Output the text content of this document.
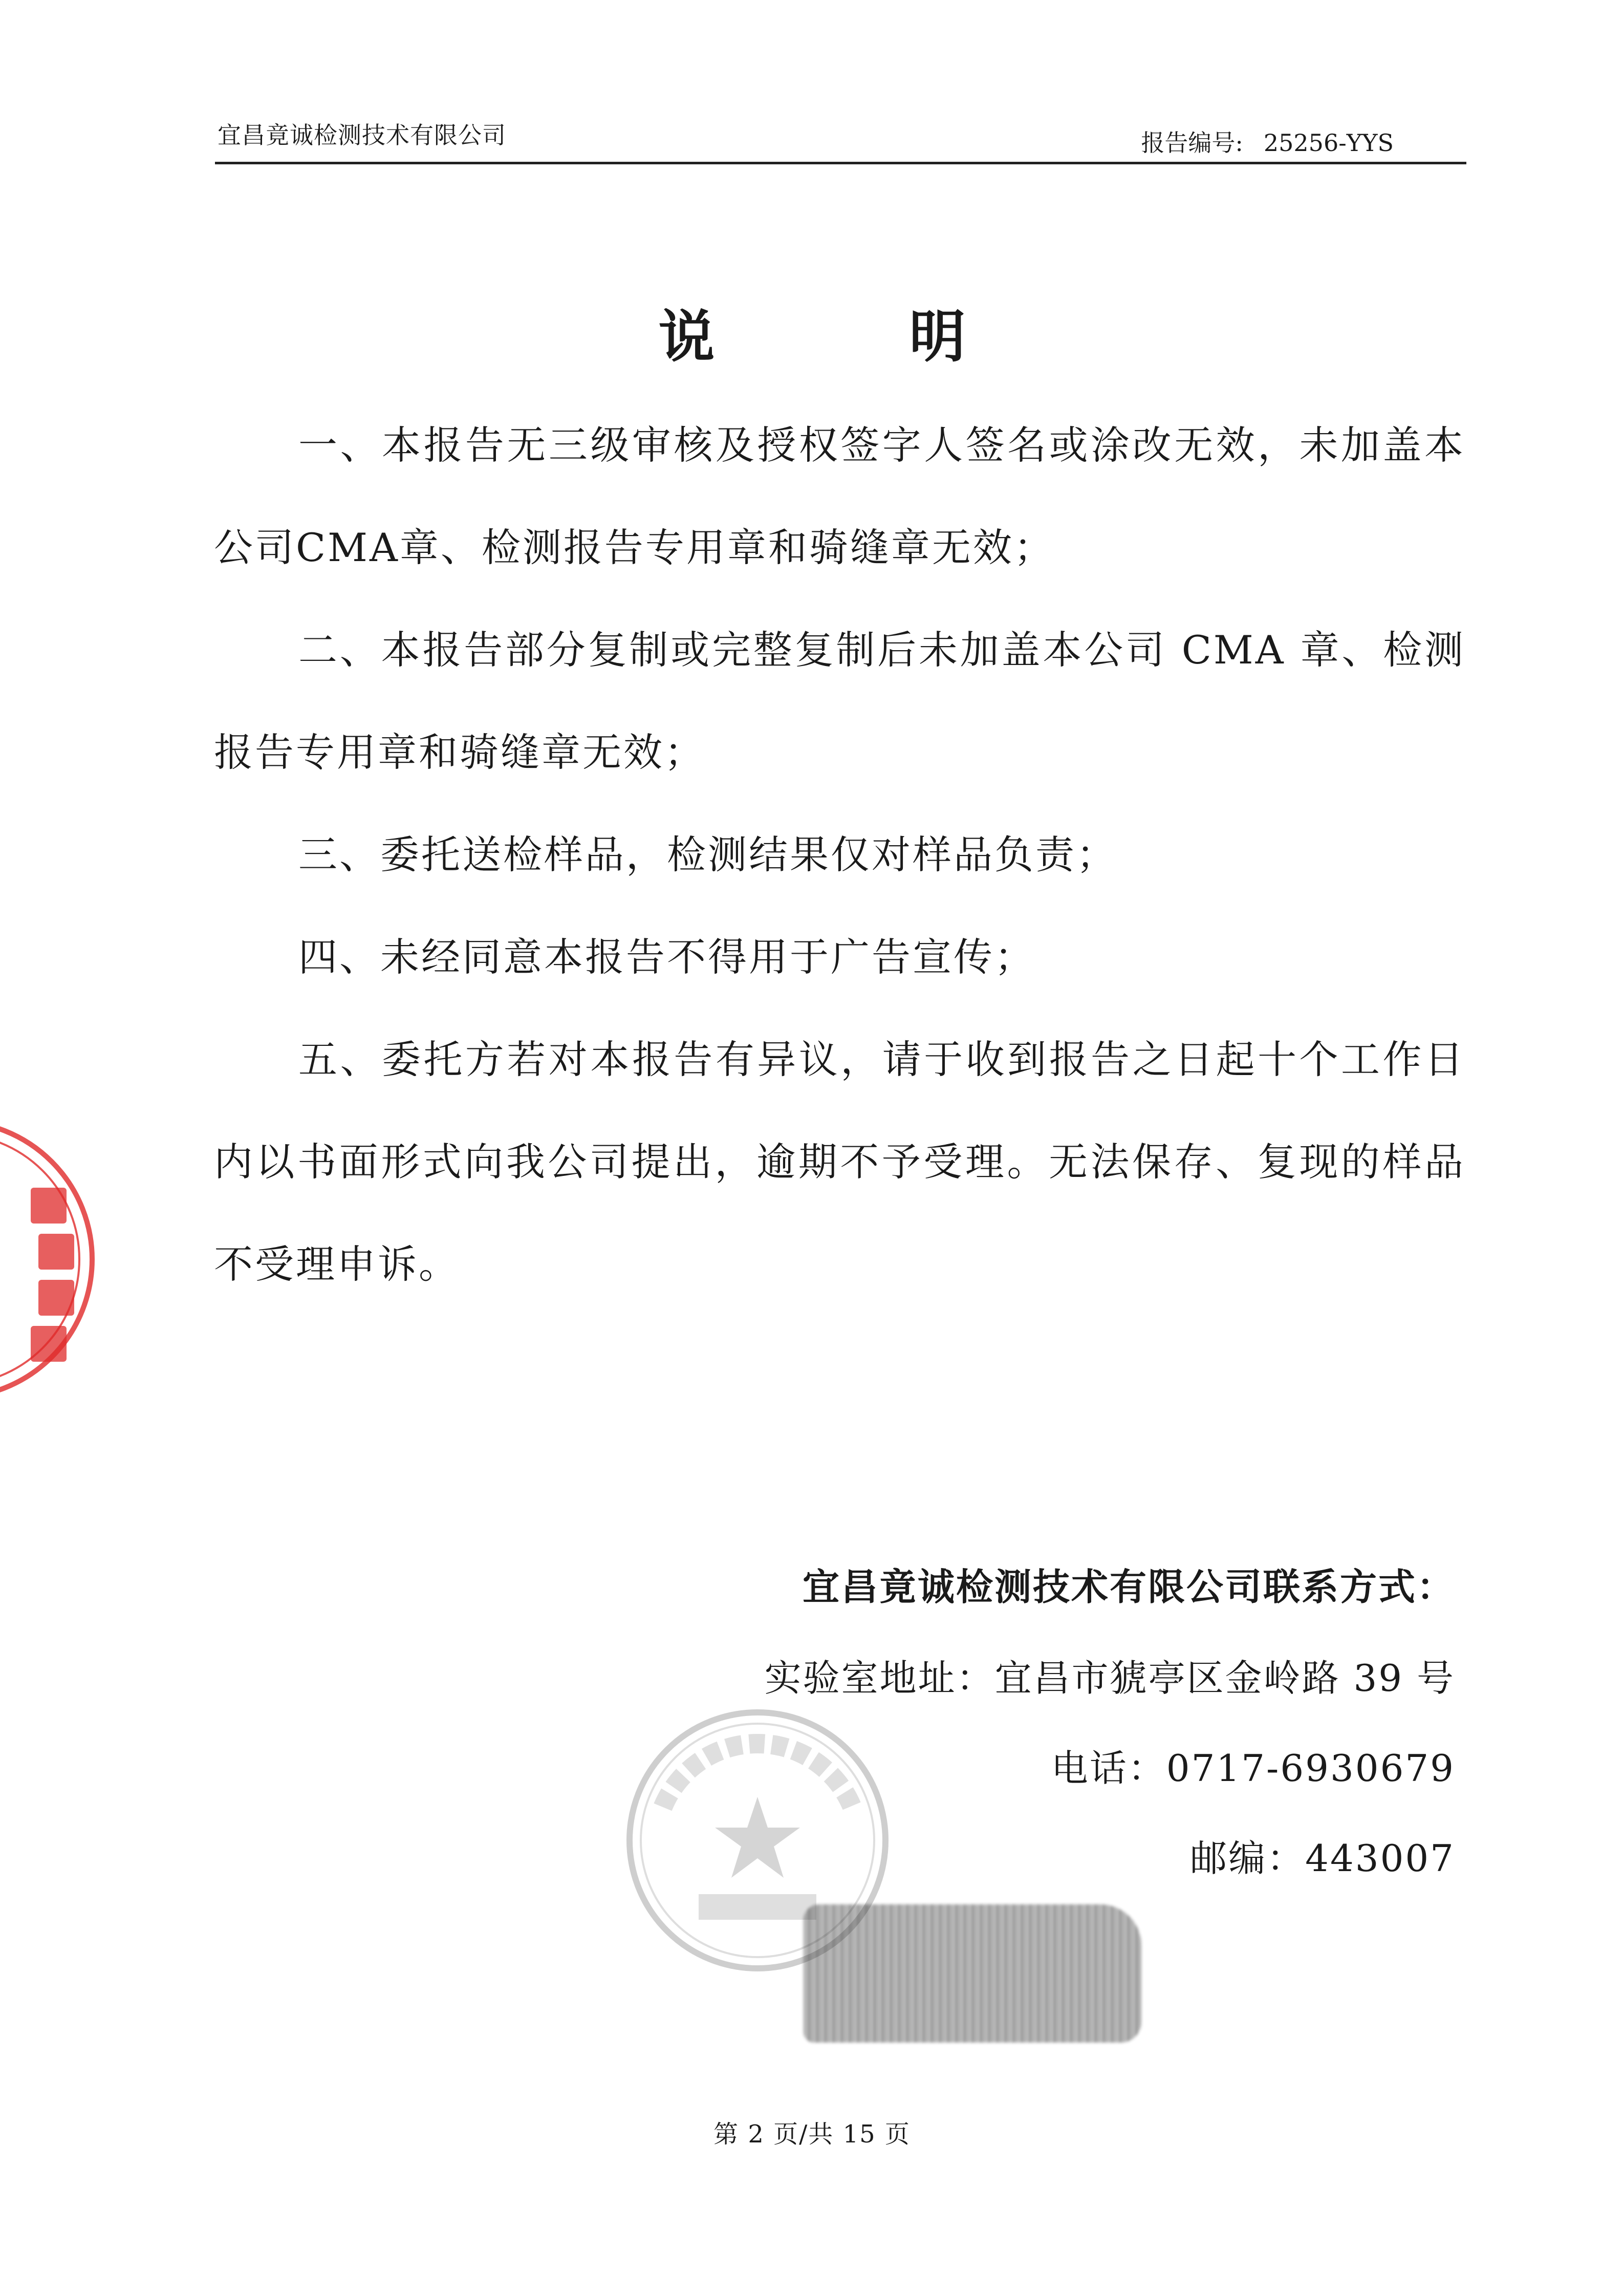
宜昌竟诚检测技术有限公司	报告编号: 25256-YYS
说明

一、本报告无三级审核及授权签字人签名或涂改无效，未加盖本公司CMA章、检测报告专用章和骑缝章无效；

二、本报告部分复制或完整复制后未加盖本公司 CMA 章、检测报告专用章和骑缝章无效；

三、委托送检样品，检测结果仅对样品负责；

四、未经同意本报告不得用于广告宣传；

五、委托方若对本报告有异议，请于收到报告之日起十个工作日内以书面形式向我公司提出，逾期不予受理。无法保存、复现的样品不受理申诉。

宜昌竟诚检测技术有限公司联系方式：
实验室地址：宜昌市猇亭区金岭路 39 号
电话：0717-6930679
邮编：443007
第 2 页/共 15 页
